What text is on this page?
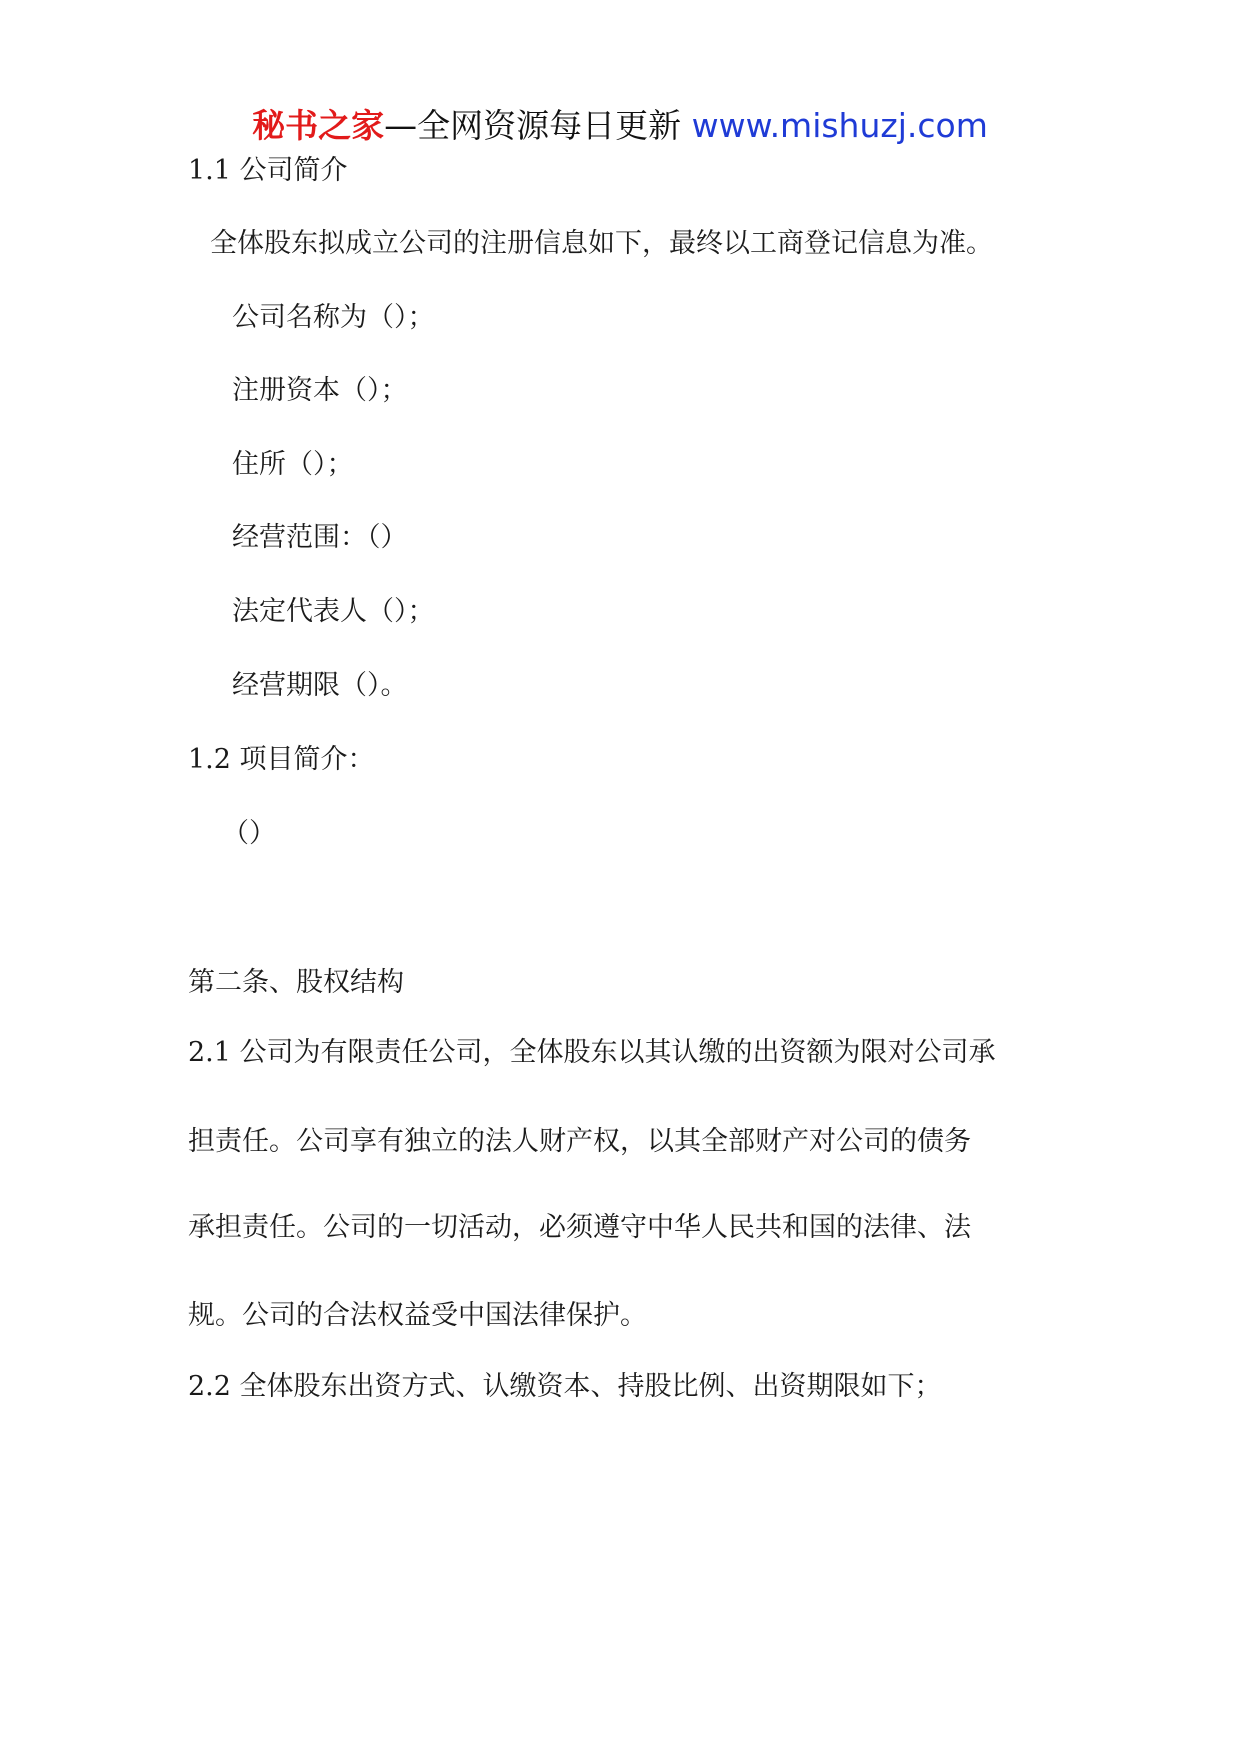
秘书之家—全网资源每日更新 www.mishuzj.com

1.1 公司简介

全体股东拟成立公司的注册信息如下，最终以工商登记信息为准。

公司名称为（）；

注册资本（）；

住所（）；

经营范围：（）

法定代表人（）；

经营期限（）。

1.2 项目简介：

（）

第二条、股权结构

2.1 公司为有限责任公司，全体股东以其认缴的出资额为限对公司承

担责任。公司享有独立的法人财产权，以其全部财产对公司的债务

承担责任。公司的一切活动，必须遵守中华人民共和国的法律、法

规。公司的合法权益受中国法律保护。

2.2 全体股东出资方式、认缴资本、持股比例、出资期限如下；
